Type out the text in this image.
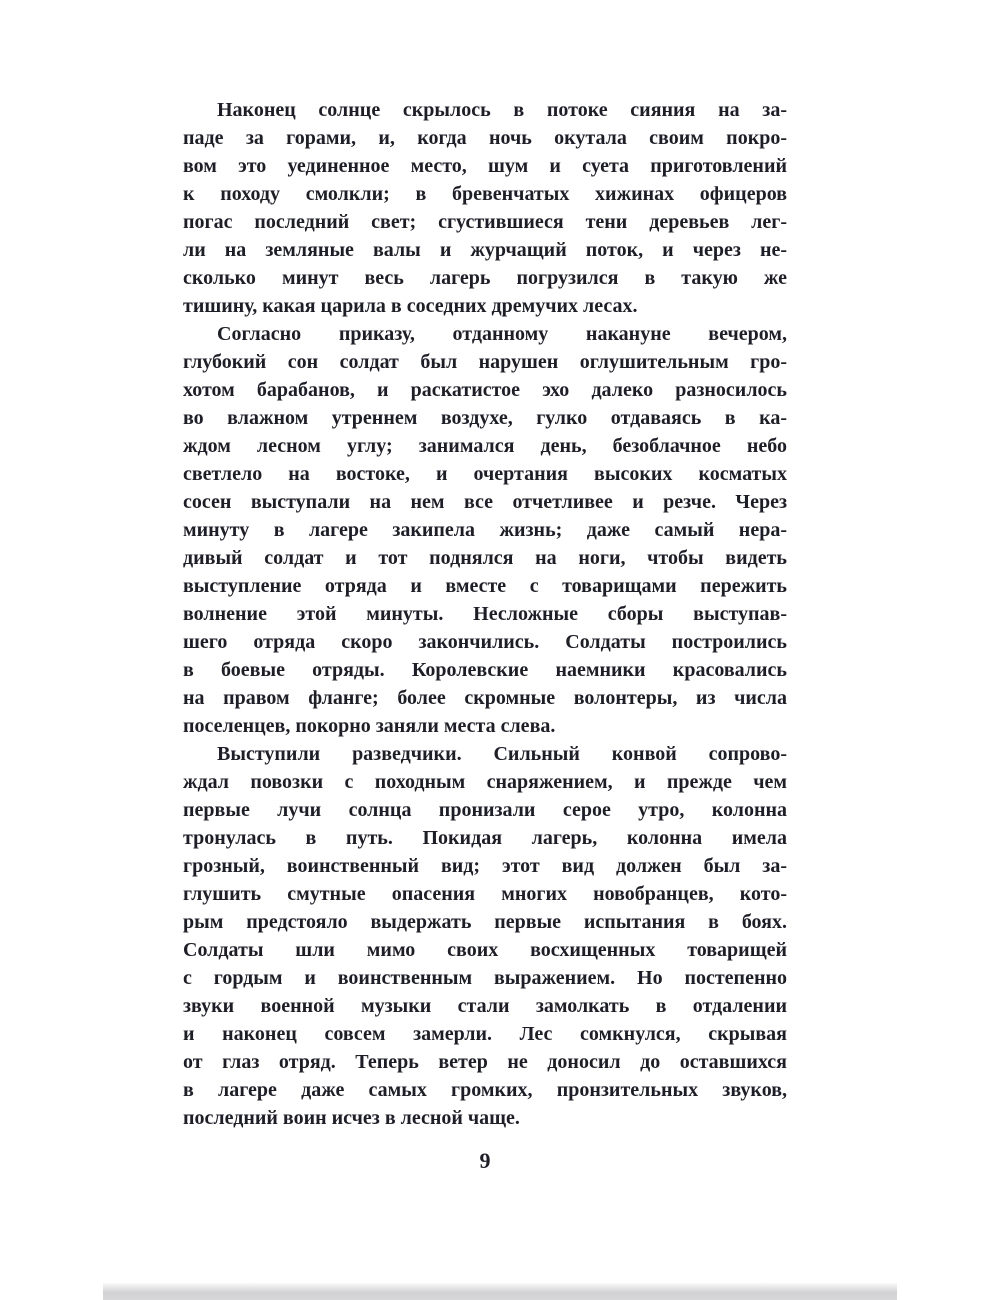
Наконец солнце скрылось в потоке сияния на за-
паде за горами, и, когда ночь окутала своим покро-
вом это уединенное место, шум и суета приготовлений
к походу смолкли; в бревенчатых хижинах офицеров
погас последний свет; сгустившиеся тени деревьев лег-
ли на земляные валы и журчащий поток, и через не-
сколько минут весь лагерь погрузился в такую же
тишину, какая царила в соседних дремучих лесах.
Согласно приказу, отданному накануне вечером,
глубокий сон солдат был нарушен оглушительным гро-
хотом барабанов, и раскатистое эхо далеко разносилось
во влажном утреннем воздухе, гулко отдаваясь в ка-
ждом лесном углу; занимался день, безоблачное небо
светлело на востоке, и очертания высоких косматых
сосен выступали на нем все отчетливее и резче. Через
минуту в лагере закипела жизнь; даже самый нера-
дивый солдат и тот поднялся на ноги, чтобы видеть
выступление отряда и вместе с товарищами пережить
волнение этой минуты. Несложные сборы выступав-
шего отряда скоро закончились. Солдаты построились
в боевые отряды. Королевские наемники красовались
на правом фланге; более скромные волонтеры, из числа
поселенцев, покорно заняли места слева.
Выступили разведчики. Сильный конвой сопрово-
ждал повозки с походным снаряжением, и прежде чем
первые лучи солнца пронизали серое утро, колонна
тронулась в путь. Покидая лагерь, колонна имела
грозный, воинственный вид; этот вид должен был за-
глушить смутные опасения многих новобранцев, кото-
рым предстояло выдержать первые испытания в боях.
Солдаты шли мимо своих восхищенных товарищей
с гордым и воинственным выражением. Но постепенно
звуки военной музыки стали замолкать в отдалении
и наконец совсем замерли. Лес сомкнулся, скрывая
от глаз отряд. Теперь ветер не доносил до оставшихся
в лагере даже самых громких, пронзительных звуков,
последний воин исчез в лесной чаще.
9
